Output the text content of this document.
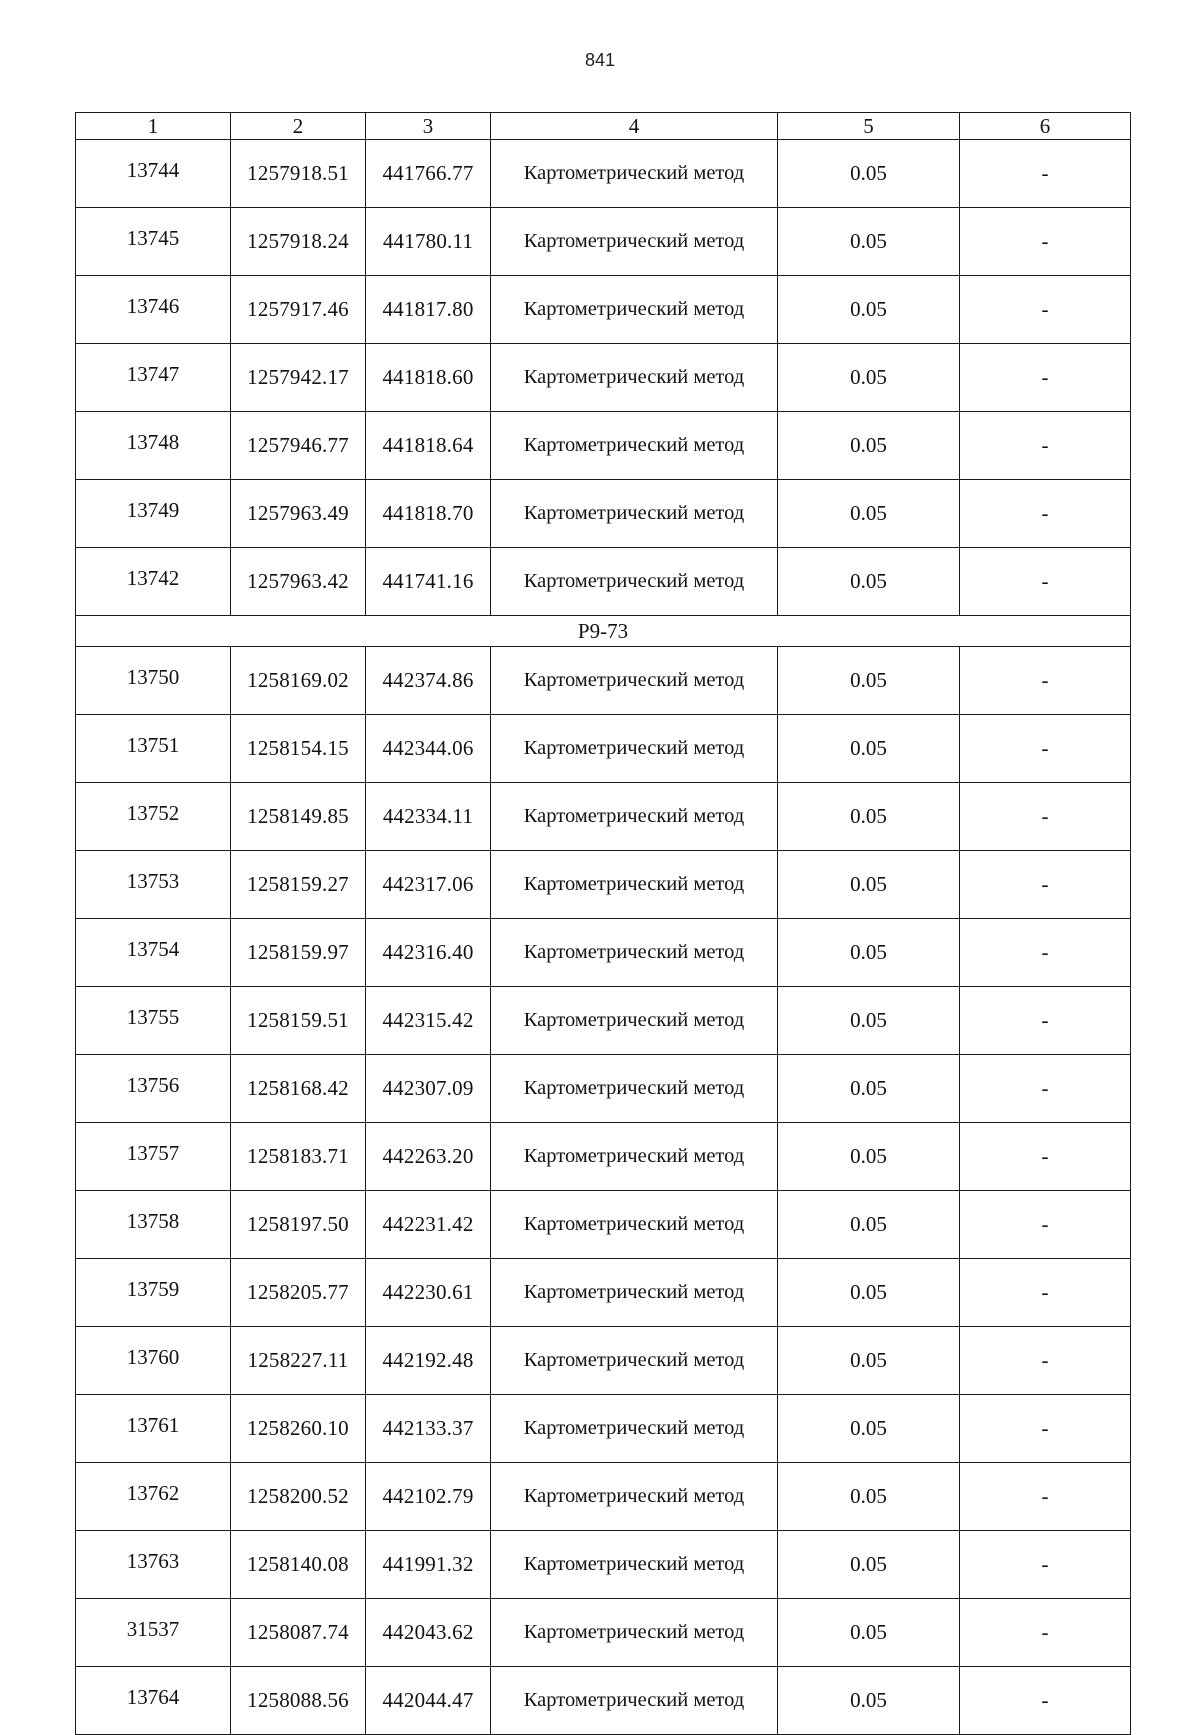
841
1	2	3	4	5	6
13744	1257918.51	441766.77	Картометрический метод	0.05	-
13745	1257918.24	441780.11	Картометрический метод	0.05	-
13746	1257917.46	441817.80	Картометрический метод	0.05	-
13747	1257942.17	441818.60	Картометрический метод	0.05	-
13748	1257946.77	441818.64	Картометрический метод	0.05	-
13749	1257963.49	441818.70	Картометрический метод	0.05	-
13742	1257963.42	441741.16	Картометрический метод	0.05	-
Р9-73					
13750	1258169.02	442374.86	Картометрический метод	0.05	-
13751	1258154.15	442344.06	Картометрический метод	0.05	-
13752	1258149.85	442334.11	Картометрический метод	0.05	-
13753	1258159.27	442317.06	Картометрический метод	0.05	-
13754	1258159.97	442316.40	Картометрический метод	0.05	-
13755	1258159.51	442315.42	Картометрический метод	0.05	-
13756	1258168.42	442307.09	Картометрический метод	0.05	-
13757	1258183.71	442263.20	Картометрический метод	0.05	-
13758	1258197.50	442231.42	Картометрический метод	0.05	-
13759	1258205.77	442230.61	Картометрический метод	0.05	-
13760	1258227.11	442192.48	Картометрический метод	0.05	-
13761	1258260.10	442133.37	Картометрический метод	0.05	-
13762	1258200.52	442102.79	Картометрический метод	0.05	-
13763	1258140.08	441991.32	Картометрический метод	0.05	-
31537	1258087.74	442043.62	Картометрический метод	0.05	-
13764	1258088.56	442044.47	Картометрический метод	0.05	-
